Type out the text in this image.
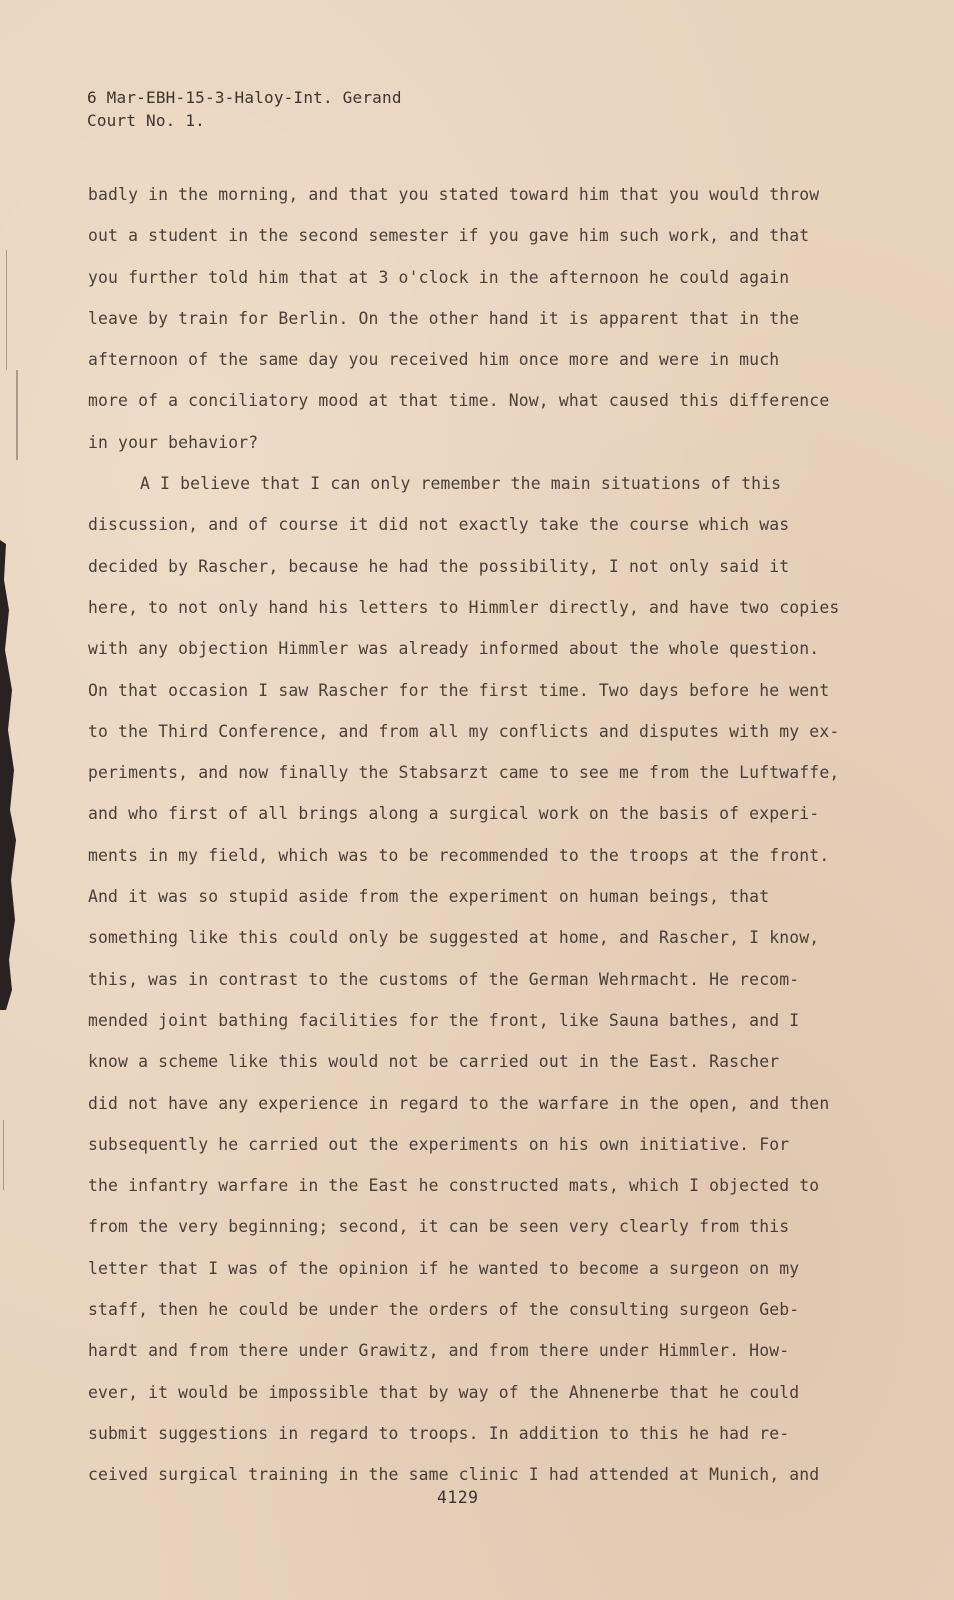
6 Mar-EBH-15-3-Haloy-Int. Gerand
Court No. 1.
badly in the morning, and that you stated toward him that you would throw
out a student in the second semester if you gave him such work, and that
you further told him that at 3 o'clock in the afternoon he could again
leave by train for Berlin. On the other hand it is apparent that in the
afternoon of the same day you received him once more and were in much
more of a conciliatory mood at that time. Now, what caused this difference
in your behavior?
A I believe that I can only remember the main situations of this
discussion, and of course it did not exactly take the course which was
decided by Rascher, because he had the possibility, I not only said it
here, to not only hand his letters to Himmler directly, and have two copies
with any objection Himmler was already informed about the whole question.
On that occasion I saw Rascher for the first time. Two days before he went
to the Third Conference, and from all my conflicts and disputes with my ex-
periments, and now finally the Stabsarzt came to see me from the Luftwaffe,
and who first of all brings along a surgical work on the basis of experi-
ments in my field, which was to be recommended to the troops at the front.
And it was so stupid aside from the experiment on human beings, that
something like this could only be suggested at home, and Rascher, I know,
this, was in contrast to the customs of the German Wehrmacht. He recom-
mended joint bathing facilities for the front, like Sauna bathes, and I
know a scheme like this would not be carried out in the East. Rascher
did not have any experience in regard to the warfare in the open, and then
subsequently he carried out the experiments on his own initiative. For
the infantry warfare in the East he constructed mats, which I objected to
from the very beginning; second, it can be seen very clearly from this
letter that I was of the opinion if he wanted to become a surgeon on my
staff, then he could be under the orders of the consulting surgeon Geb-
hardt and from there under Grawitz, and from there under Himmler. How-
ever, it would be impossible that by way of the Ahnenerbe that he could
submit suggestions in regard to troops. In addition to this he had re-
ceived surgical training in the same clinic I had attended at Munich, and
4129
